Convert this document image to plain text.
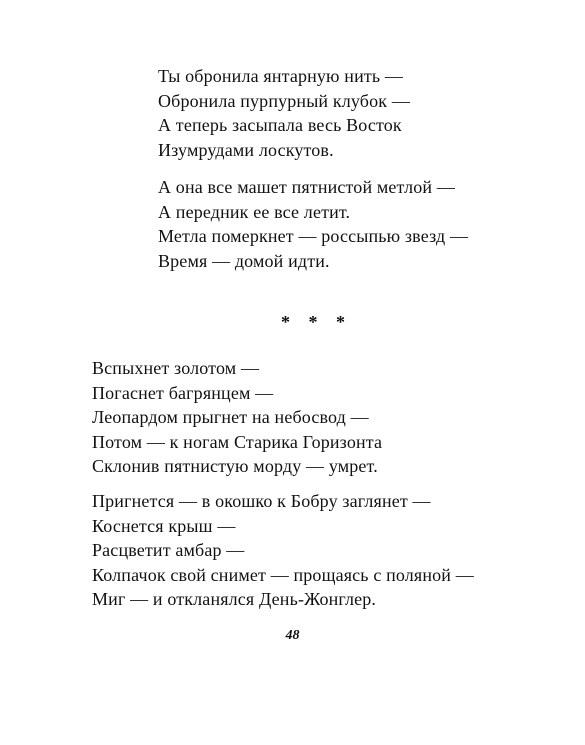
Ты обронила янтарную нить —
Обронила пурпурный клубок —
А теперь засыпала весь Восток
Изумрудами лоскутов.
А она все машет пятнистой метлой —
А передник ее все летит.
Метла померкнет — россыпью звезд —
Время — домой идти.
* * *
Вспыхнет золотом —
Погаснет багрянцем —
Леопардом прыгнет на небосвод —
Потом — к ногам Старика Горизонта
Склонив пятнистую морду — умрет.
Пригнется — в окошко к Бобру заглянет —
Коснется крыш —
Расцветит амбар —
Колпачок свой снимет — прощаясь с поляной —
Миг — и откланялся День-Жонглер.
48
